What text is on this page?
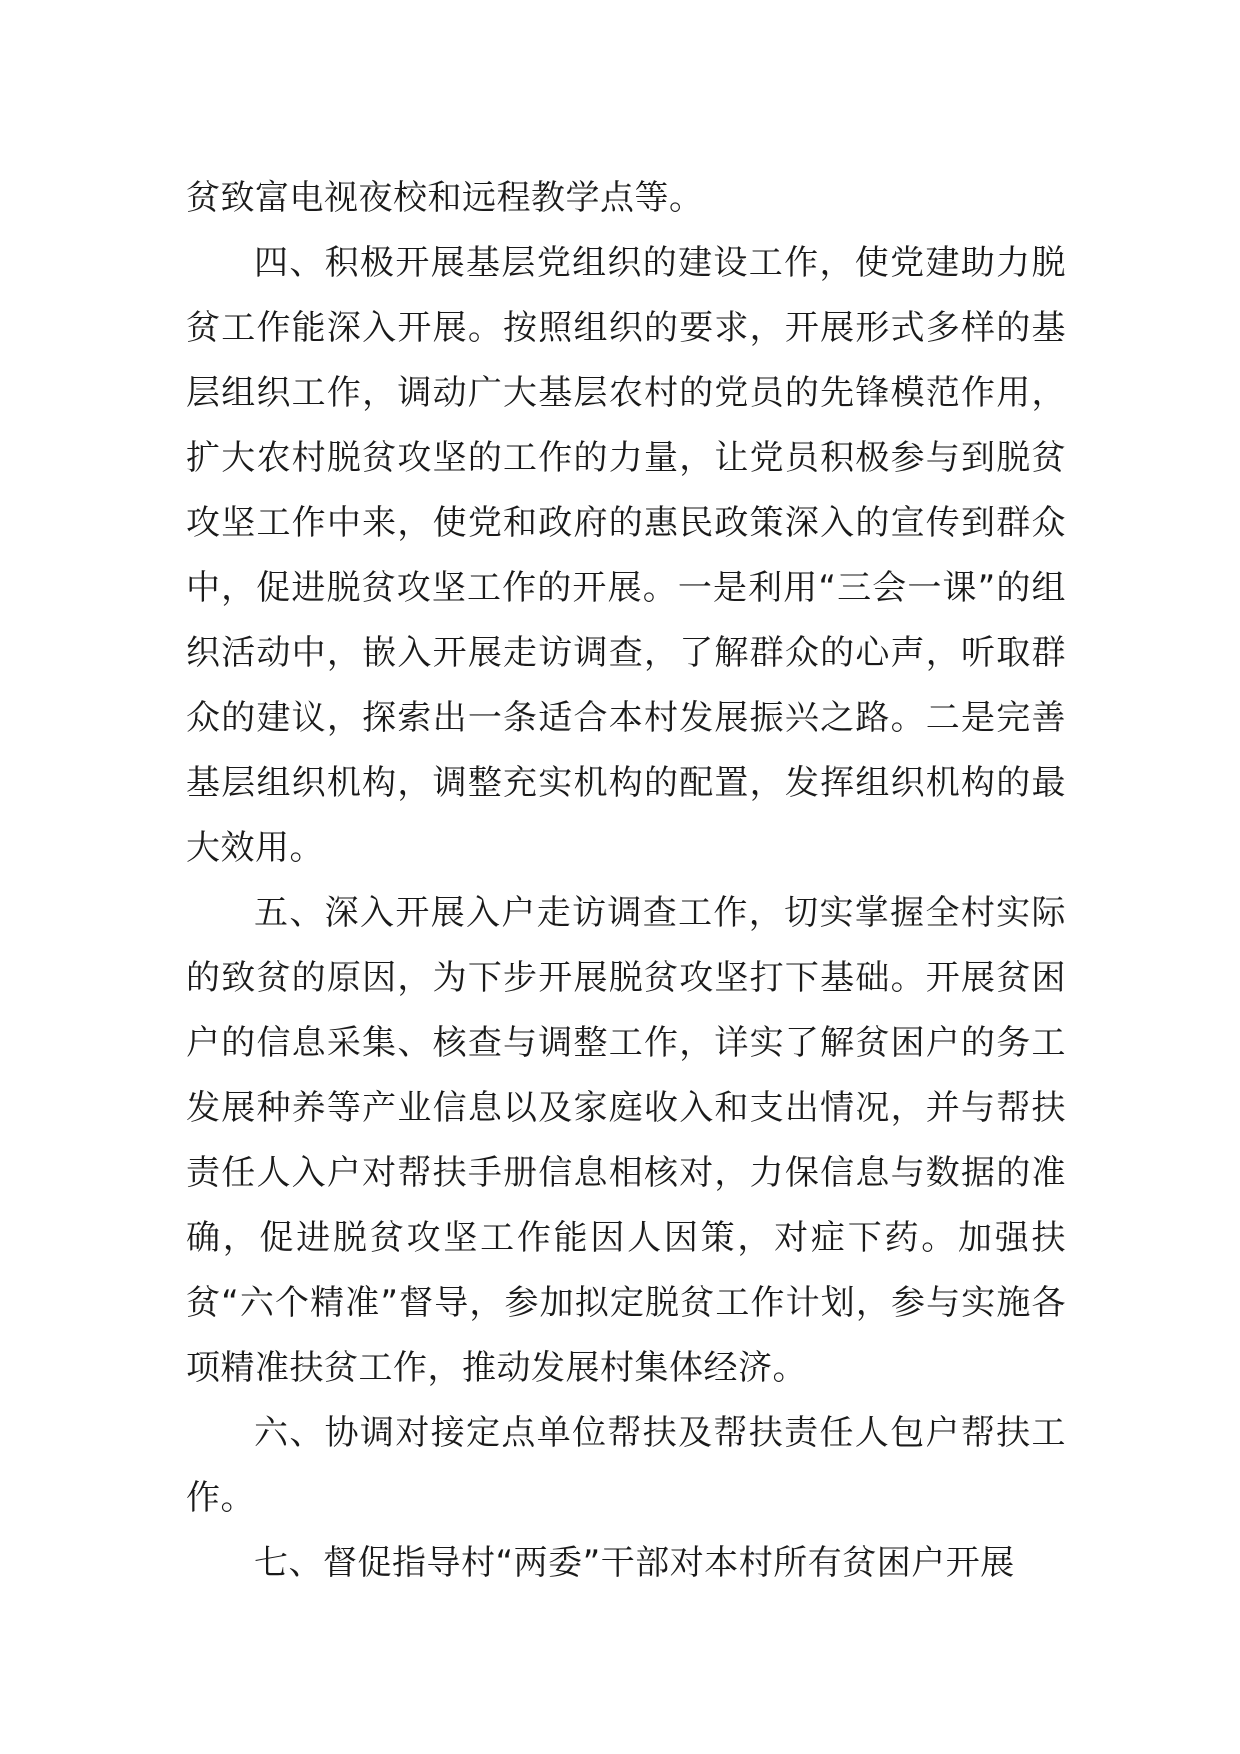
贫致富电视夜校和远程教学点等。

四、积极开展基层党组织的建设工作，使党建助力脱贫工作能深入开展。按照组织的要求，开展形式多样的基层组织工作，调动广大基层农村的党员的先锋模范作用，扩大农村脱贫攻坚的工作的力量，让党员积极参与到脱贫攻坚工作中来，使党和政府的惠民政策深入的宣传到群众中，促进脱贫攻坚工作的开展。一是利用“三会一课”的组织活动中，嵌入开展走访调查，了解群众的心声，听取群众的建议，探索出一条适合本村发展振兴之路。二是完善基层组织机构，调整充实机构的配置，发挥组织机构的最大效用。

五、深入开展入户走访调查工作，切实掌握全村实际的致贫的原因，为下步开展脱贫攻坚打下基础。开展贫困户的信息采集、核查与调整工作，详实了解贫困户的务工发展种养等产业信息以及家庭收入和支出情况，并与帮扶责任人入户对帮扶手册信息相核对，力保信息与数据的准确，促进脱贫攻坚工作能因人因策，对症下药。加强扶贫“六个精准”督导，参加拟定脱贫工作计划，参与实施各项精准扶贫工作，推动发展村集体经济。

六、协调对接定点单位帮扶及帮扶责任人包户帮扶工作。

七、督促指导村“两委”干部对本村所有贫困户开展
